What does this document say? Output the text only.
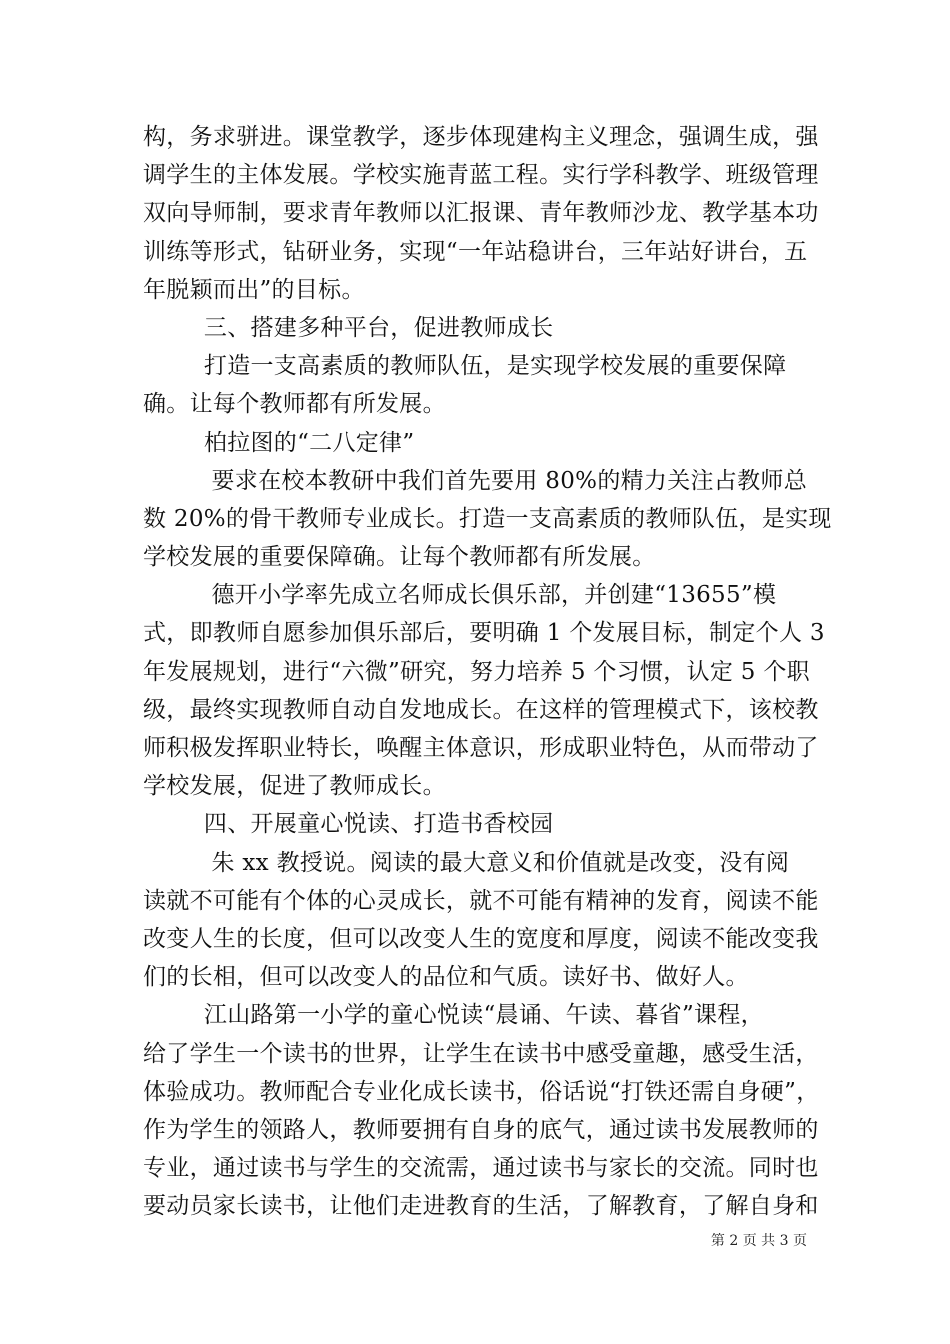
构，务求骈进。课堂教学，逐步体现建构主义理念，强调生成，强
调学生的主体发展。学校实施青蓝工程。实行学科教学、班级管理
双向导师制，要求青年教师以汇报课、青年教师沙龙、教学基本功
训练等形式，钻研业务，实现“一年站稳讲台，三年站好讲台，五
年脱颖而出”的目标。
三、搭建多种平台，促进教师成长
打造一支高素质的教师队伍，是实现学校发展的重要保障
确。让每个教师都有所发展。
柏拉图的“二八定律”
要求在校本教研中我们首先要用 80%的精力关注占教师总
数 20%的骨干教师专业成长。打造一支高素质的教师队伍，是实现
学校发展的重要保障确。让每个教师都有所发展。
德开小学率先成立名师成长俱乐部，并创建“13655”模
式，即教师自愿参加俱乐部后，要明确 1 个发展目标，制定个人 3
年发展规划，进行“六微”研究，努力培养 5 个习惯，认定 5 个职
级，最终实现教师自动自发地成长。在这样的管理模式下，该校教
师积极发挥职业特长，唤醒主体意识，形成职业特色，从而带动了
学校发展，促进了教师成长。
四、开展童心悦读、打造书香校园
朱 xx 教授说。阅读的最大意义和价值就是改变，没有阅
读就不可能有个体的心灵成长，就不可能有精神的发育，阅读不能
改变人生的长度，但可以改变人生的宽度和厚度，阅读不能改变我
们的长相，但可以改变人的品位和气质。读好书、做好人。
江山路第一小学的童心悦读“晨诵、午读、暮省”课程，
给了学生一个读书的世界，让学生在读书中感受童趣，感受生活，
体验成功。教师配合专业化成长读书，俗话说“打铁还需自身硬”，
作为学生的领路人，教师要拥有自身的底气，通过读书发展教师的
专业，通过读书与学生的交流需，通过读书与家长的交流。同时也
要动员家长读书，让他们走进教育的生活，了解教育，了解自身和
第 2 页 共 3 页
